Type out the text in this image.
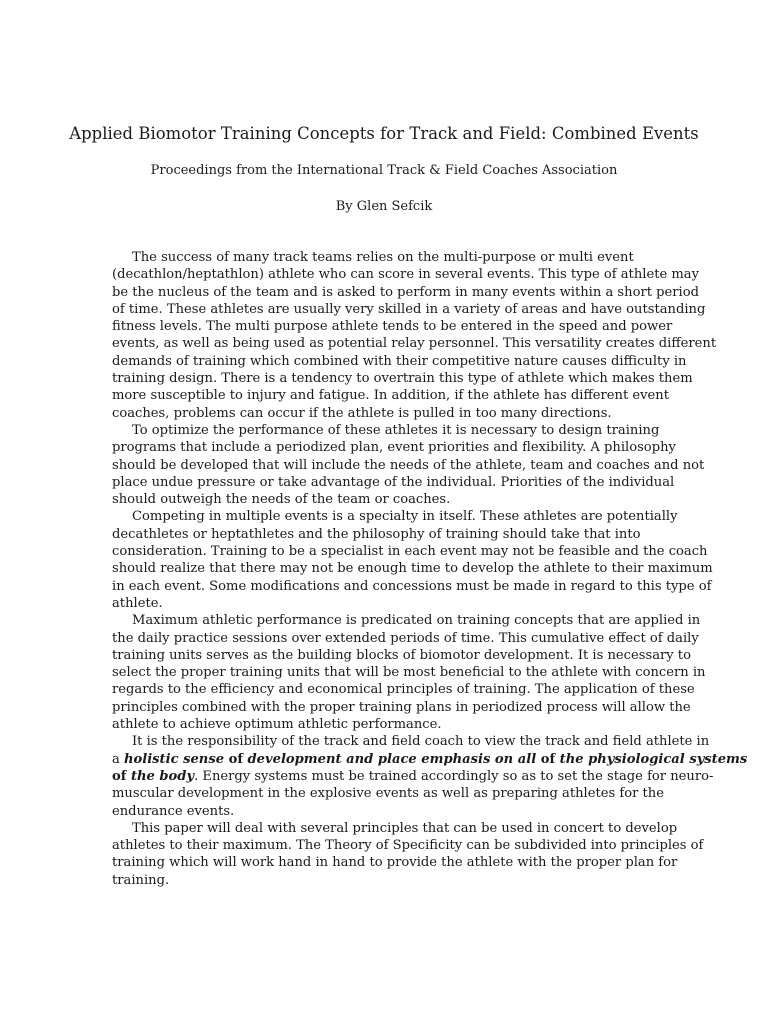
Applied Biomotor Training Concepts for Track and Field: Combined Events
Proceedings from the International Track & Field Coaches Association
By Glen Sefcik
The success of many track teams relies on the multi-purpose or multi event
(decathlon/heptathlon) athlete who can score in several events. This type of athlete may
be the nucleus of the team and is asked to perform in many events within a short period
of time. These athletes are usually very skilled in a variety of areas and have outstanding
fitness levels. The multi purpose athlete tends to be entered in the speed and power
events, as well as being used as potential relay personnel. This versatility creates different
demands of training which combined with their competitive nature causes difficulty in
training design. There is a tendency to overtrain this type of athlete which makes them
more susceptible to injury and fatigue. In addition, if the athlete has different event
coaches, problems can occur if the athlete is pulled in too many directions.
To optimize the performance of these athletes it is necessary to design training
programs that include a periodized plan, event priorities and flexibility. A philosophy
should be developed that will include the needs of the athlete, team and coaches and not
place undue pressure or take advantage of the individual. Priorities of the individual
should outweigh the needs of the team or coaches.
Competing in multiple events is a specialty in itself. These athletes are potentially
decathletes or heptathletes and the philosophy of training should take that into
consideration. Training to be a specialist in each event may not be feasible and the coach
should realize that there may not be enough time to develop the athlete to their maximum
in each event. Some modifications and concessions must be made in regard to this type of
athlete.
Maximum athletic performance is predicated on training concepts that are applied in
the daily practice sessions over extended periods of time. This cumulative effect of daily
training units serves as the building blocks of biomotor development. It is necessary to
select the proper training units that will be most beneficial to the athlete with concern in
regards to the efficiency and economical principles of training. The application of these
principles combined with the proper training plans in periodized process will allow the
athlete to achieve optimum athletic performance.
It is the responsibility of the track and field coach to view the track and field athlete in
a holistic sense of development and place emphasis on all of the physiological systems
of the body. Energy systems must be trained accordingly so as to set the stage for neuro-
muscular development in the explosive events as well as preparing athletes for the
endurance events.
This paper will deal with several principles that can be used in concert to develop
athletes to their maximum. The Theory of Specificity can be subdivided into principles of
training which will work hand in hand to provide the athlete with the proper plan for
training.
